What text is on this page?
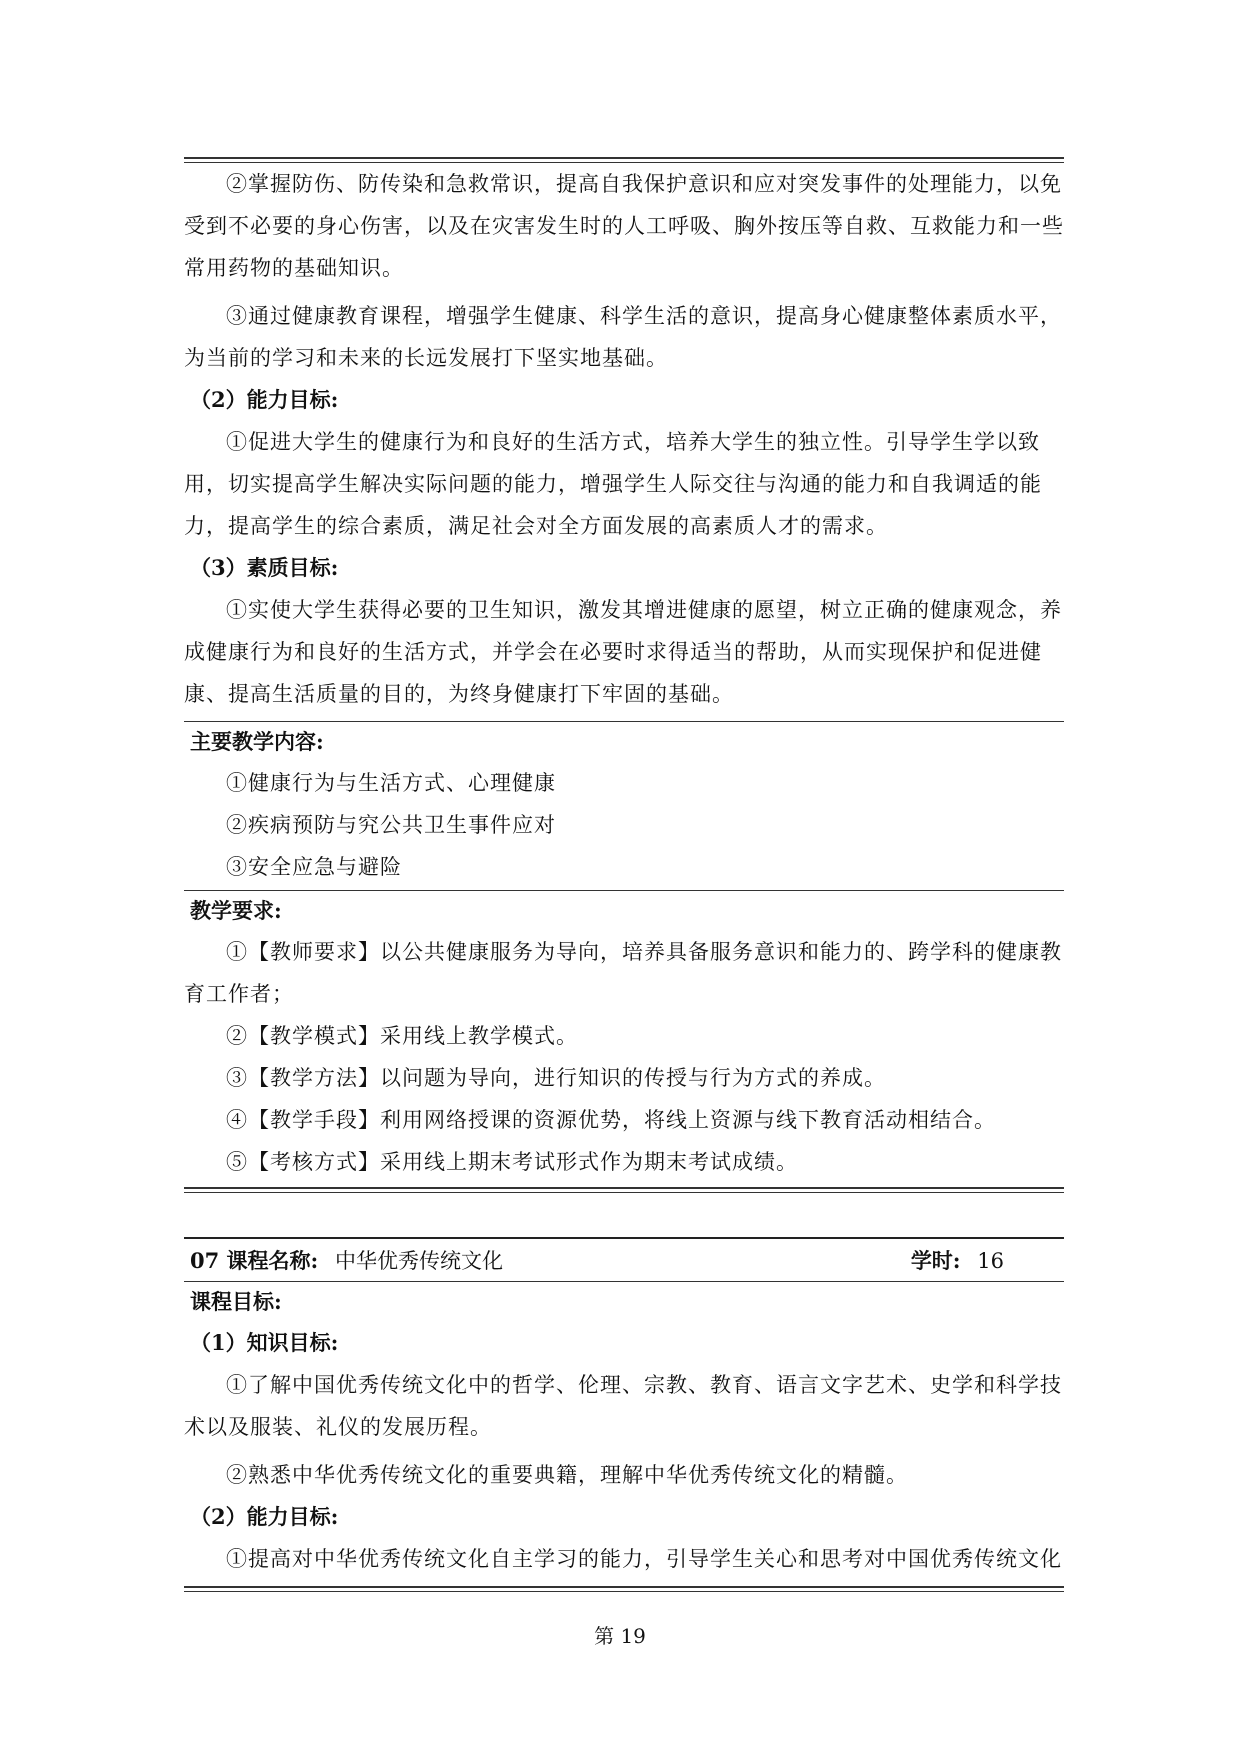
②掌握防伤、防传染和急救常识，提高自我保护意识和应对突发事件的处理能力，以免受到不必要的身心伤害，以及在灾害发生时的人工呼吸、胸外按压等自救、互救能力和一些常用药物的基础知识。

③通过健康教育课程，增强学生健康、科学生活的意识，提高身心健康整体素质水平，为当前的学习和未来的长远发展打下坚实地基础。

（2）能力目标:

①促进大学生的健康行为和良好的生活方式，培养大学生的独立性。引导学生学以致用，切实提高学生解决实际问题的能力，增强学生人际交往与沟通的能力和自我调适的能力，提高学生的综合素质，满足社会对全方面发展的高素质人才的需求。

（3）素质目标:

①实使大学生获得必要的卫生知识，激发其增进健康的愿望，树立正确的健康观念，养成健康行为和良好的生活方式，并学会在必要时求得适当的帮助，从而实现保护和促进健康、提高生活质量的目的，为终身健康打下牢固的基础。

主要教学内容:

①健康行为与生活方式、心理健康

②疾病预防与究公共卫生事件应对

③安全应急与避险

教学要求:

①【教师要求】以公共健康服务为导向，培养具备服务意识和能力的、跨学科的健康教育工作者；

②【教学模式】采用线上教学模式。

③【教学方法】以问题为导向，进行知识的传授与行为方式的养成。

④【教学手段】利用网络授课的资源优势，将线上资源与线下教育活动相结合。

⑤【考核方式】采用线上期末考试形式作为期末考试成绩。

07 课程名称: 中华优秀传统文化	学时: 16

课程目标:

（1）知识目标:

①了解中国优秀传统文化中的哲学、伦理、宗教、教育、语言文字艺术、史学和科学技术以及服装、礼仪的发展历程。

②熟悉中华优秀传统文化的重要典籍，理解中华优秀传统文化的精髓。

（2）能力目标:

①提高对中华优秀传统文化自主学习的能力，引导学生关心和思考对中国优秀传统文化

第 19
